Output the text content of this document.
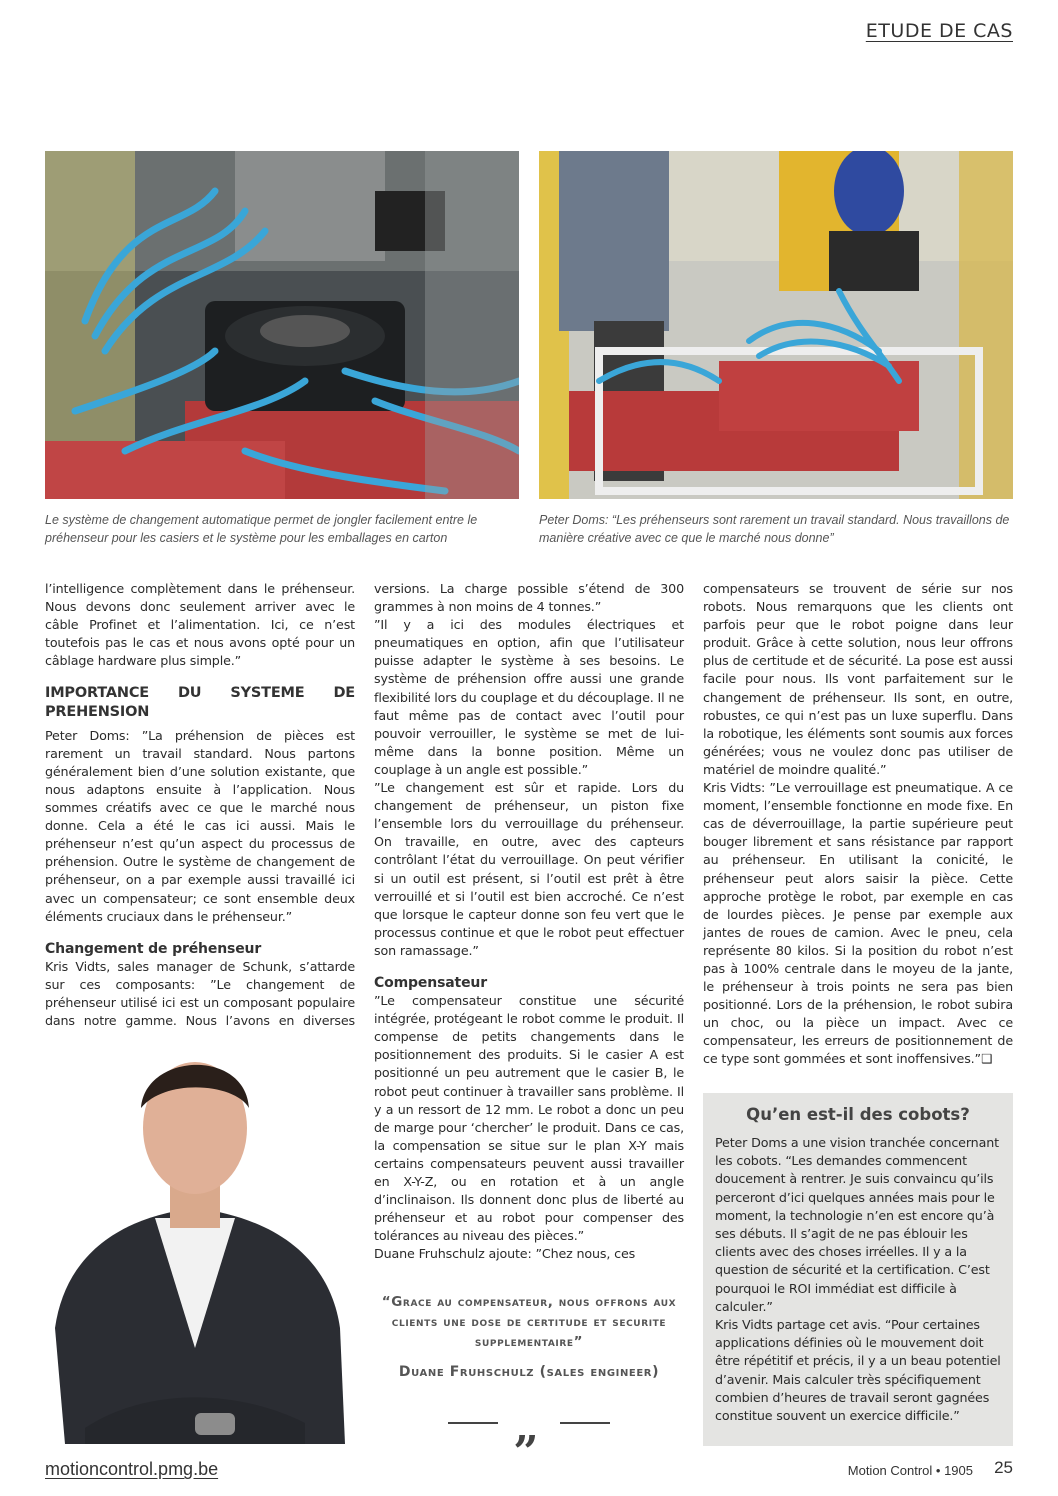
ETUDE DE CAS

Le système de changement automatique permet de jongler facilement entre le préhenseur pour les casiers et le système pour les emballages en carton

Peter Doms: “Les préhenseurs sont rarement un travail standard. Nous travaillons de manière créative avec ce que le marché nous donne”

l’intelligence complètement dans le préhenseur. Nous devons donc seulement arriver avec le câble Profinet et l’alimentation. Ici, ce n’est toutefois pas le cas et nous avons opté pour un câblage hardware plus simple.”

IMPORTANCE DU SYSTEME DE PREHENSION

Peter Doms: ”La préhension de pièces est rarement un travail standard. Nous partons généralement bien d’une solution existante, que nous adaptons ensuite à l’application. Nous sommes créatifs avec ce que le marché nous donne. Cela a été le cas ici aussi. Mais le préhenseur n’est qu’un aspect du processus de préhension. Outre le système de changement de préhenseur, on a par exemple aussi travaillé ici avec un compensateur; ce sont ensemble deux éléments cruciaux dans le préhenseur.”

Changement de préhenseur

Kris Vidts, sales manager de Schunk, s’attarde sur ces composants: ”Le changement de préhenseur utilisé ici est un composant populaire dans notre gamme. Nous l’avons en diverses

versions. La charge possible s’étend de 300 grammes à non moins de 4 tonnes.”

”Il y a ici des modules électriques et pneumatiques en option, afin que l’utilisateur puisse adapter le système à ses besoins. Le système de préhension offre aussi une grande flexibilité lors du couplage et du découplage. Il ne faut même pas de contact avec l’outil pour pouvoir verrouiller, le système se met de lui-même dans la bonne position. Même un couplage à un angle est possible.”

”Le changement est sûr et rapide. Lors du changement de préhenseur, un piston fixe l’ensemble lors du verrouillage du préhenseur. On travaille, en outre, avec des capteurs contrôlant l’état du verrouillage. On peut vérifier si un outil est présent, si l’outil est prêt à être verrouillé et si l’outil est bien accroché. Ce n’est que lorsque le capteur donne son feu vert que le processus continue et que le robot peut effectuer son ramassage.”

Compensateur

”Le compensateur constitue une sécurité intégrée, protégeant le robot comme le produit. Il compense de petits changements dans le positionnement des produits. Si le casier A est positionné un peu autrement que le casier B, le robot peut continuer à travailler sans problème. Il y a un ressort de 12 mm. Le robot a donc un peu de marge pour ‘chercher’ le produit. Dans ce cas, la compensation se situe sur le plan X-Y mais certains compensateurs peuvent aussi travailler en X-Y-Z, ou en rotation et à un angle d’inclinaison. Ils donnent donc plus de liberté au préhenseur et au robot pour compenser des tolérances au niveau des pièces.”

Duane Fruhschulz ajoute: ”Chez nous, ces

“Grace au compensateur, nous offrons aux clients une dose de certitude et securite supplementaire”
Duane Fruhschulz (sales engineer)
„

compensateurs se trouvent de série sur nos robots. Nous remarquons que les clients ont parfois peur que le robot poigne dans leur produit. Grâce à cette solution, nous leur offrons plus de certitude et de sécurité. La pose est aussi facile pour nous. Ils vont parfaitement sur le changement de préhenseur. Ils sont, en outre, robustes, ce qui n’est pas un luxe superflu. Dans la robotique, les éléments sont soumis aux forces générées; vous ne voulez donc pas utiliser de matériel de moindre qualité.”

Kris Vidts: ”Le verrouillage est pneumatique. A ce moment, l’ensemble fonctionne en mode fixe. En cas de déverrouillage, la partie supérieure peut bouger librement et sans résistance par rapport au préhenseur. En utilisant la conicité, le préhenseur peut alors saisir la pièce. Cette approche protège le robot, par exemple en cas de lourdes pièces. Je pense par exemple aux jantes de roues de camion. Avec le pneu, cela représente 80 kilos. Si la position du robot n’est pas à 100% centrale dans le moyeu de la jante, le préhenseur à trois points ne sera pas bien positionné. Lors de la préhension, le robot subira un choc, ou la pièce un impact. Avec ce compensateur, les erreurs de positionnement de ce type sont gommées et sont inoffensives.”❑

Qu’en est-il des cobots?

Peter Doms a une vision tranchée concernant les cobots. “Les demandes commencent doucement à rentrer. Je suis convaincu qu’ils perceront d’ici quelques années mais pour le moment, la technologie n’en est encore qu’à ses débuts. Il s’agit de ne pas éblouir les clients avec des choses irréelles. Il y a la question de sécurité et la certification. C’est pourquoi le ROI immédiat est difficile à calculer.”

Kris Vidts partage cet avis. “Pour certaines applications définies où le mouvement doit être répétitif et précis, il y a un beau potentiel d’avenir. Mais calculer très spécifiquement combien d’heures de travail seront gagnées constitue souvent un exercice difficile.”

motioncontrol.pmg.be	Motion Control • 1905 25
